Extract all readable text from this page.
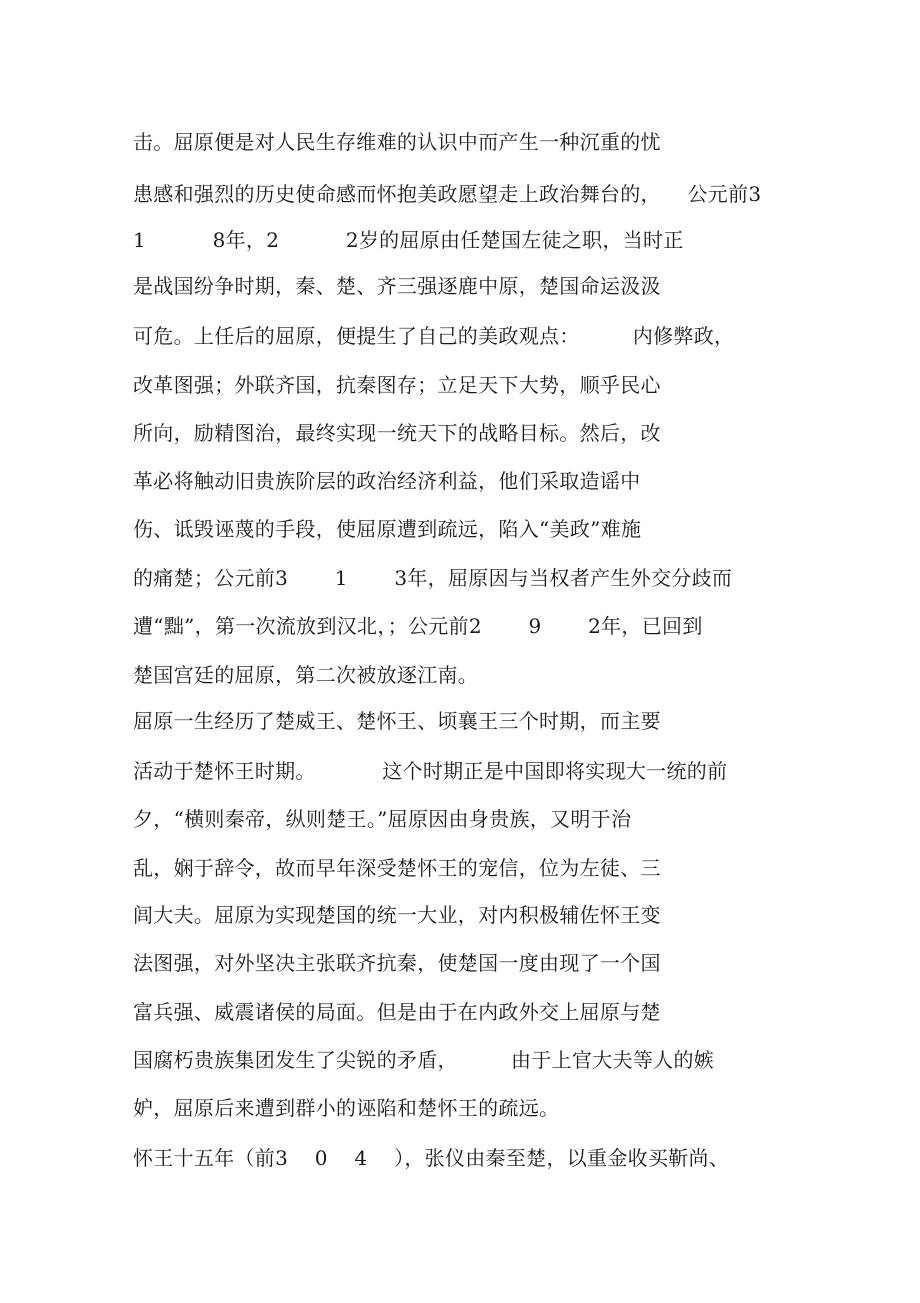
击。屈原便是对人民生存维难的认识中而产生一种沉重的忧
患感和强烈的历史使命感而怀抱美政愿望走上政治舞台的，    公元前3
1          8年，2          2岁的屈原由任楚国左徒之职，当时正
是战国纷争时期，秦、楚、齐三强逐鹿中原，楚国命运汲汲
可危。上任后的屈原，便提生了自己的美政观点：        内修弊政，
改革图强；外联齐国，抗秦图存；立足天下大势，顺乎民心
所向，励精图治，最终实现一统天下的战略目标。然后，改
革必将触动旧贵族阶层的政治经济利益，他们采取造谣中
伤、诋毁诬蔑的手段，使屈原遭到疏远，陷入“美政”难施
的痛楚；公元前3       1       3年，屈原因与当权者产生外交分歧而
遭“黜”，第一次流放到汉北，；公元前2       9       2年，已回到
楚国宫廷的屈原，第二次被放逐江南。
屈原一生经历了楚威王、楚怀王、顷襄王三个时期，而主要
活动于楚怀王时期。          这个时期正是中国即将实现大一统的前
夕，“横则秦帝，纵则楚王。”屈原因由身贵族，又明于治
乱，娴于辞令，故而早年深受楚怀王的宠信，位为左徒、三
闾大夫。屈原为实现楚国的统一大业，对内积极辅佐怀王变
法图强，对外坚决主张联齐抗秦，使楚国一度由现了一个国
富兵强、威震诸侯的局面。但是由于在内政外交上屈原与楚
国腐朽贵族集团发生了尖锐的矛盾，        由于上官大夫等人的嫉
妒，屈原后来遭到群小的诬陷和楚怀王的疏远。
怀王十五年（前3    0    4    ），张仪由秦至楚，以重金收买靳尚、
